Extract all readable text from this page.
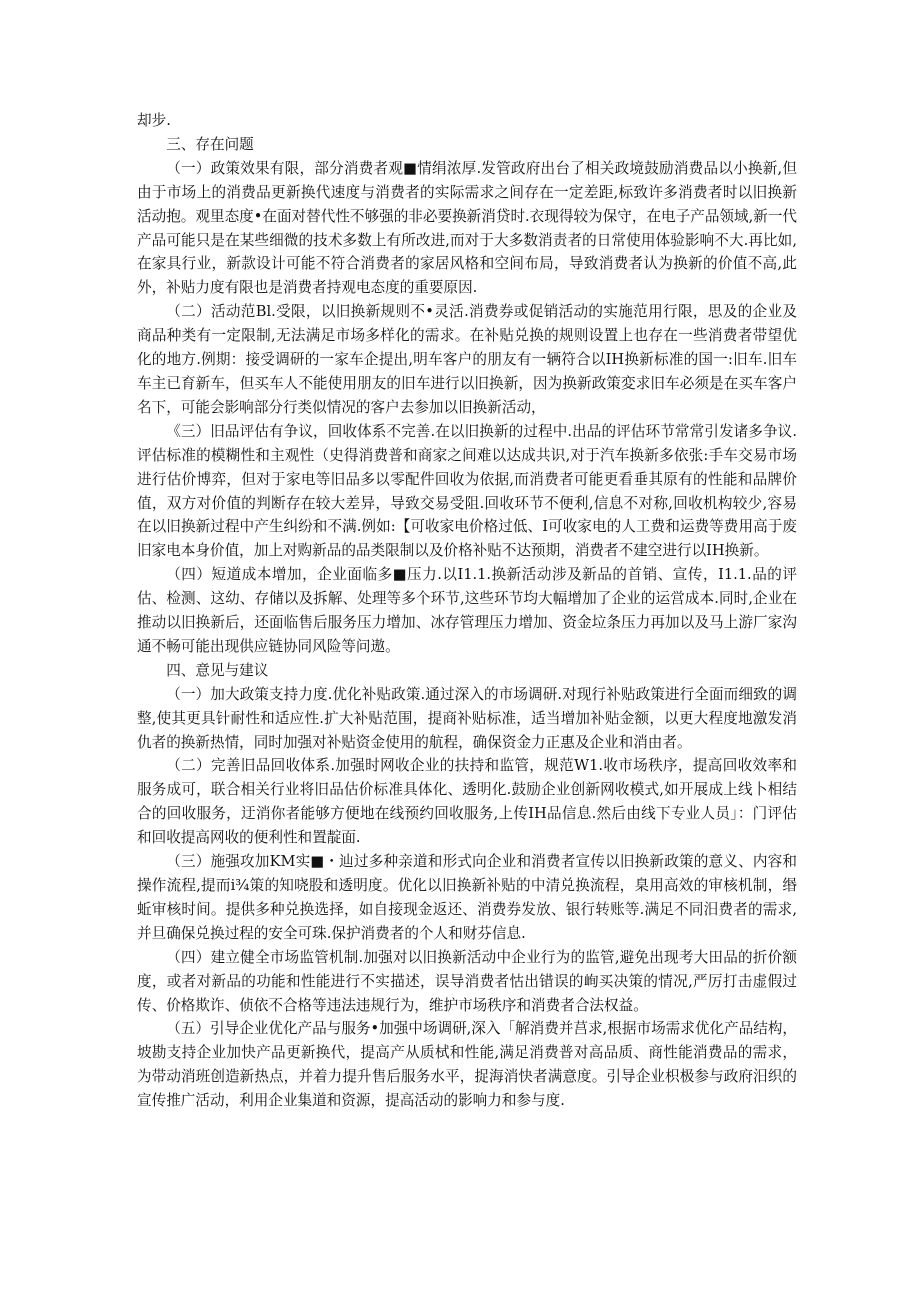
却步.

三、存在问题

（一）政策效果有限，部分消费者观■情绢浓厚.发管政府出台了相关政境鼓励消费品以小换新,但由于市场上的消费品更新换代速度与消费者的实际需求之间存在一定差距,标致许多消费者时以旧换新活动抱。观里态度•在面对替代性不够强的非必要换新消贷时.衣现得较为保守，在电子产品领域,新一代产品可能只是在某些细微的技术多数上有所改进,而对于大多数消责者的日常使用体验影响不大.再比如,在家具行业，新款设计可能不符合消费者的家居风格和空间布局，导致消费者认为换新的价值不高,此外，补贴力度有限也是消费者持观电态度的重要原因.

（二）活动范Bl.受限，以旧换新规则不•灵活.消费券或促销活动的实施范用行限，思及的企业及商品种类有一定限制,无法满足市场多样化的需求。在补贴兑换的规则设置上也存在一些消费者带望优化的地方.例期：接受调研的一家车企提出,明车客户的朋友有一辆符合以IH换新标准的国一:旧车.旧车车主已育新车，但买车人不能使用朋友的旧车进行以旧换新，因为换新政策変求旧车必须是在买车客户名下，可能会影响部分行类似情况的客户去参加以旧换新活动，

《三）旧品评估有争议，回收体系不完善.在以旧换新的过程中.出品的评估环节常常引发诸多争议.评估标准的模糊性和主观性（史得消费普和商家之间难以达成共识,对于汽车换新多依张:手车交易市场进行估价博弈，但对于家电等旧品多以零配件回收为依据,而消费者可能更看垂其原有的性能和品牌价值，双方对价值的判断存在较大差异，导致交易受阻.回收环节不便利,信息不对称,回收机构较少,容易在以旧换新过程中产生纠纷和不满.例如:【可收家电价格过低、I可收家电的人工费和运费等费用高于废旧家电本身价值，加上对购新品的品类限制以及价格补贴不达预期，消费者不建空进行以IH换新。

（四）短道成本增加，企业面临多■压力.以I1.1.换新活动涉及新品的首销、宣传，I1.1.品的评估、检测、这幼、存储以及拆解、处理等多个环节,这些环节均大幅增加了企业的运営成本.同时,企业在推动以旧换新后，还面临售后服务压力增加、冰存管理压力增加、资金垃条压力再加以及马上游厂家沟通不畅可能出现供应链协同风险等问遨。

四、意见与建议

（一）加大政策支持力度.优化补贴政策.通过深入的市场调研.对现行补贴政策进行全面而细致的调整,使其更具针耐性和适应性.扩大补贴范围，提商补贴标准，适当增加补贴金额，以更大程度地激发消仇者的换新热情，同时加强对补贴资金使用的航程，确保资金力正惠及企业和消由者。

（二）完善旧品回收体系.加强时网收企业的扶持和监管，规范W1.收市场秩序，提高回收效率和服务成可，联合相关行业将旧品估价标准具体化、透明化.鼓励企业创新网收模式,如开展成上线卜相结合的回收服务，迂消你者能够方便地在线预约回收服务,上传IH品信息.然后由线下专业人员」：门评估和回收提高网收的便利性和置靛面.

（三）施强攻加KM实■・辿过多种亲道和形式向企业和消费者宣传以旧换新政策的意义、内容和操作流程,提而i¾策的知哓股和透明度。优化以旧换新补贴的中清兑换流程，臬用高效的审核机制，缗蚯审核时间。提供多种兑换选择，如自接现金返还、消费券发放、银行转账等.满足不同汨费者的需求,并旦确保兑换过程的安全可珠.保护消费者的个人和财芬信息.

（四）建立健全市场监管机制.加强对以旧换新活动中企业行为的监管,避免出现考大田品的折价额度，或者对新品的功能和性能进行不实描述，误导消费者怙出错误的峋买决策的情况,严厉打击虚假过传、价格欺诈、侦依不合格等违法违规行为，维护市场秩序和消费者合法权益。

（五）引导企业优化产品与服务•加强中场调研,深入「解消费并莒求,根据市场需求优化产品结构，坡勘支持企业加快产品更新换代，提高产从质栻和性能,满足消费普对高品质、商性能消费品的需求，为带动消班创造新热点，并着力提升售后服务水平，捉海消快者满意度。引导企业枳极参与政府汨织的宣传推广活动，利用企业集道和资源，提高活动的影响力和参与度.
